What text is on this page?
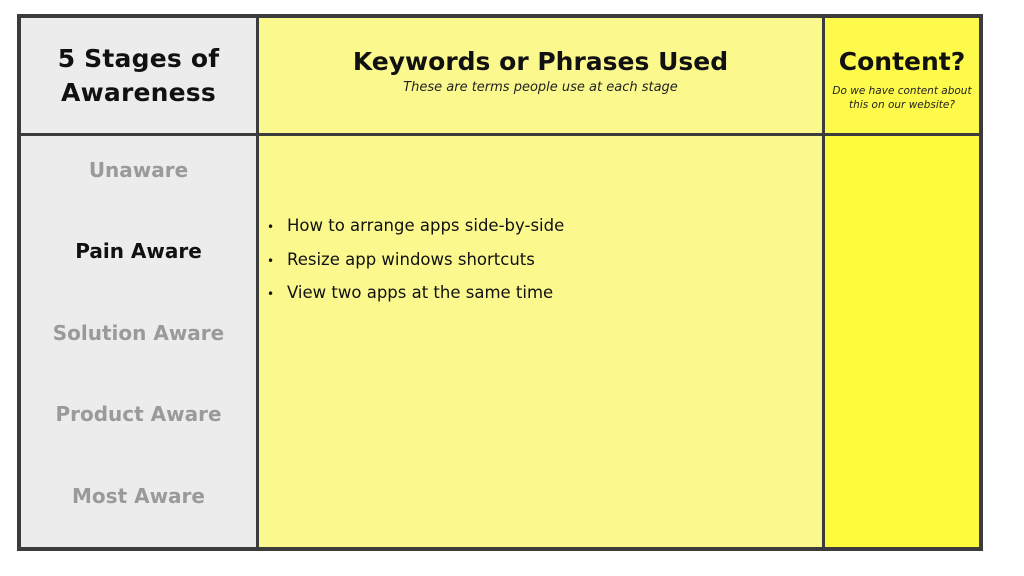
5 Stages of
Awareness
Keywords or Phrases Used
These are terms people use at each stage
Content?
Do we have content about this on our website?
Unaware
Pain Aware
Solution Aware
Product Aware
Most Aware
• How to arrange apps side-by-side
• Resize app windows shortcuts
• View two apps at the same time
